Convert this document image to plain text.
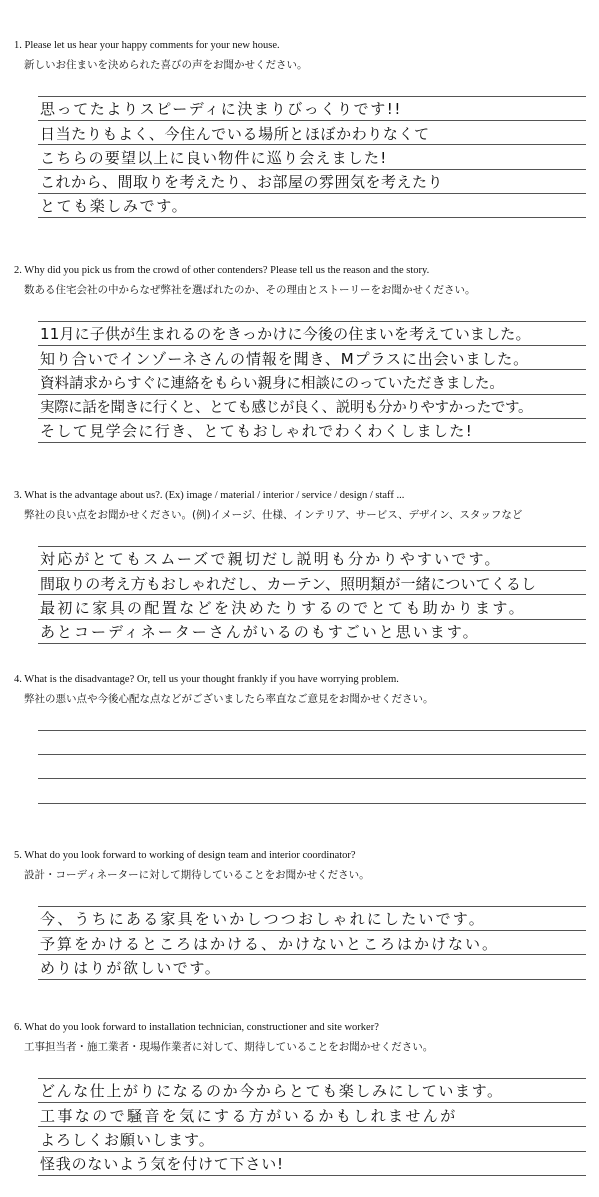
1. Please let us hear your happy comments for your new house.
新しいお住まいを決められた喜びの声をお聞かせください。
思ってたよりスピーディに決まりびっくりです!!
日当たりもよく、今住んでいる場所とほぼかわりなくて
こちらの要望以上に良い物件に巡り会えました!
これから、間取りを考えたり、お部屋の雰囲気を考えたり
とても楽しみです。
2. Why did you pick us from the crowd of other contenders? Please tell us the reason and the story.
数ある住宅会社の中からなぜ弊社を選ばれたのか、その理由とストーリーをお聞かせください。
11月に子供が生まれるのをきっかけに今後の住まいを考えていました。
知り合いでインゾーネさんの情報を聞き、Mプラスに出会いました。
資料請求からすぐに連絡をもらい親身に相談にのっていただきました。
実際に話を聞きに行くと、とても感じが良く、説明も分かりやすかったです。
そして見学会に行き、とてもおしゃれでわくわくしました!
3. What is the advantage about us?. (Ex) image / material / interior / service / design / staff ...
弊社の良い点をお聞かせください。(例)イメージ、仕様、インテリア、サービス、デザイン、スタッフなど
対応がとてもスムーズで親切だし説明も分かりやすいです。
間取りの考え方もおしゃれだし、カーテン、照明類が一緒についてくるし
最初に家具の配置などを決めたりするのでとても助かります。
あとコーディネーターさんがいるのもすごいと思います。
4. What is the disadvantage? Or, tell us your thought frankly if you have worrying problem.
弊社の悪い点や今後心配な点などがございましたら率直なご意見をお聞かせください。
5. What do you look forward to working of design team and interior coordinator?
設計・コーディネーターに対して期待していることをお聞かせください。
今、うちにある家具をいかしつつおしゃれにしたいです。
予算をかけるところはかける、かけないところはかけない。
めりはりが欲しいです。
6. What do you look forward to installation technician, constructioner and site worker?
工事担当者・施工業者・現場作業者に対して、期待していることをお聞かせください。
どんな仕上がりになるのか今からとても楽しみにしています。
工事なので騒音を気にする方がいるかもしれませんが
よろしくお願いします。
怪我のないよう気を付けて下さい!
